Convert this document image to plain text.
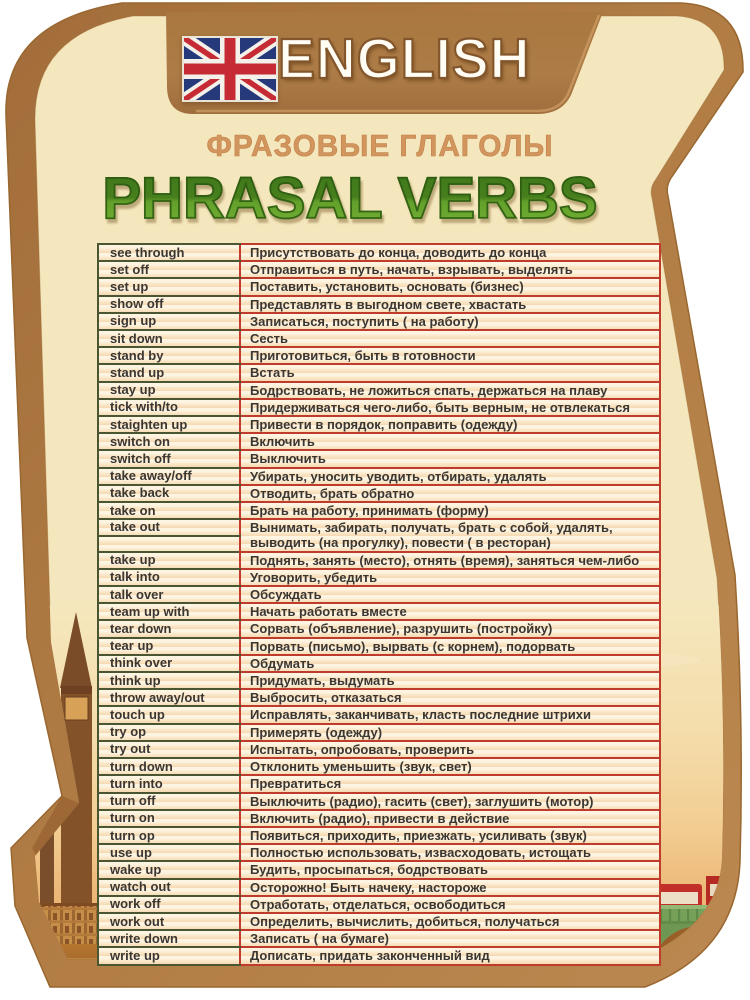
ENGLISH
ФРАЗОВЫЕ ГЛАГОЛЫ
PHRASAL VERBS
see through	Присутствовать до конца, доводить до конца
set off	Отправиться в путь, начать, взрывать, выделять
set up	Поставить, установить, основать (бизнес)
show off	Представлять в выгодном свете, хвастать
sign up	Записаться, поступить ( на работу)
sit down	Сесть
stand by	Приготовиться, быть в готовности
stand up	Встать
stay up	Бодрствовать, не ложиться спать, держаться на плаву
tick with/to	Придерживаться чего-либо, быть верным, не отвлекаться
staighten up	Привести в порядок, поправить (одежду)
switch on	Включить
switch off	Выключить
take away/off	Убирать, уносить уводить, отбирать, удалять
take back	Отводить, брать обратно
take on	Брать на работу, принимать (форму)
take out	Вынимать, забирать, получать, брать с собой, удалять, выводить (на прогулку), повести ( в ресторан)

take up	Поднять, занять (место), отнять (время), заняться чем-либо
talk into	Уговорить, убедить
talk over	Обсуждать
team up with	Начать работать вместе
tear down	Сорвать (объявление), разрушить (постройку)
tear up	Порвать (письмо), вырвать (с корнем), подорвать
think over	Обдумать
think up	Придумать, выдумать
throw away/out	Выбросить, отказаться
touch up	Исправлять, заканчивать, класть последние штрихи
try op	Примерять (одежду)
try out	Испытать, опробовать, проверить
turn down	Отклонить уменьшить (звук, свет)
turn into	Превратиться
turn off	Выключить (радио), гасить (свет), заглушить (мотор)
turn on	Включить (радио), привести в действие
turn op	Появиться, приходить, приезжать, усиливать (звук)
use up	Полностью использовать, извасходовать, истощать
wake up	Будить, просыпаться, бодрствовать
watch out	Осторожно! Быть начеку, настороже
work off	Отработать, отделаться, освободиться
work out	Определить, вычислить, добиться, получаться
write down	Записать ( на бумаге)
write up	Дописать, придать законченный вид
